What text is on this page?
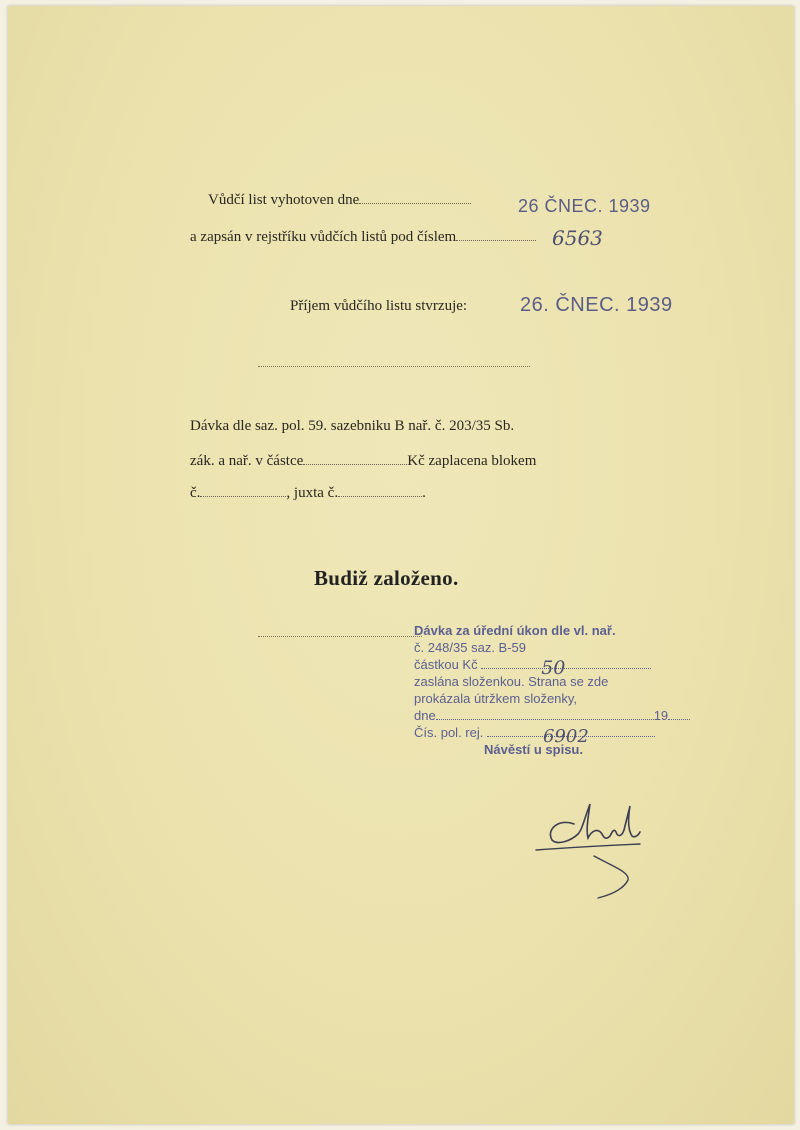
Vůdčí list vyhotoven dne	26 ČNEC. 1939
a zapsán v rejstříku vůdčích listů pod číslem	6563
Příjem vůdčího listu stvrzuje:	26. ČNEC. 1939
Dávka dle saz. pol. 59. sazebniku B nař. č. 203/35 Sb.
zák. a nař. v částce	Kč zaplacena blokem
č.	, juxta č.	.
Budiž založeno.
Dávka za úřední úkon dle vl. nař.
č. 248/35 saz. B-59
částkou Kč	50
zaslána složenkou. Strana se zde
prokázala útržkem složenky,
dne	19
Čís. pol. rej.	6902
Návěstí u spisu.
